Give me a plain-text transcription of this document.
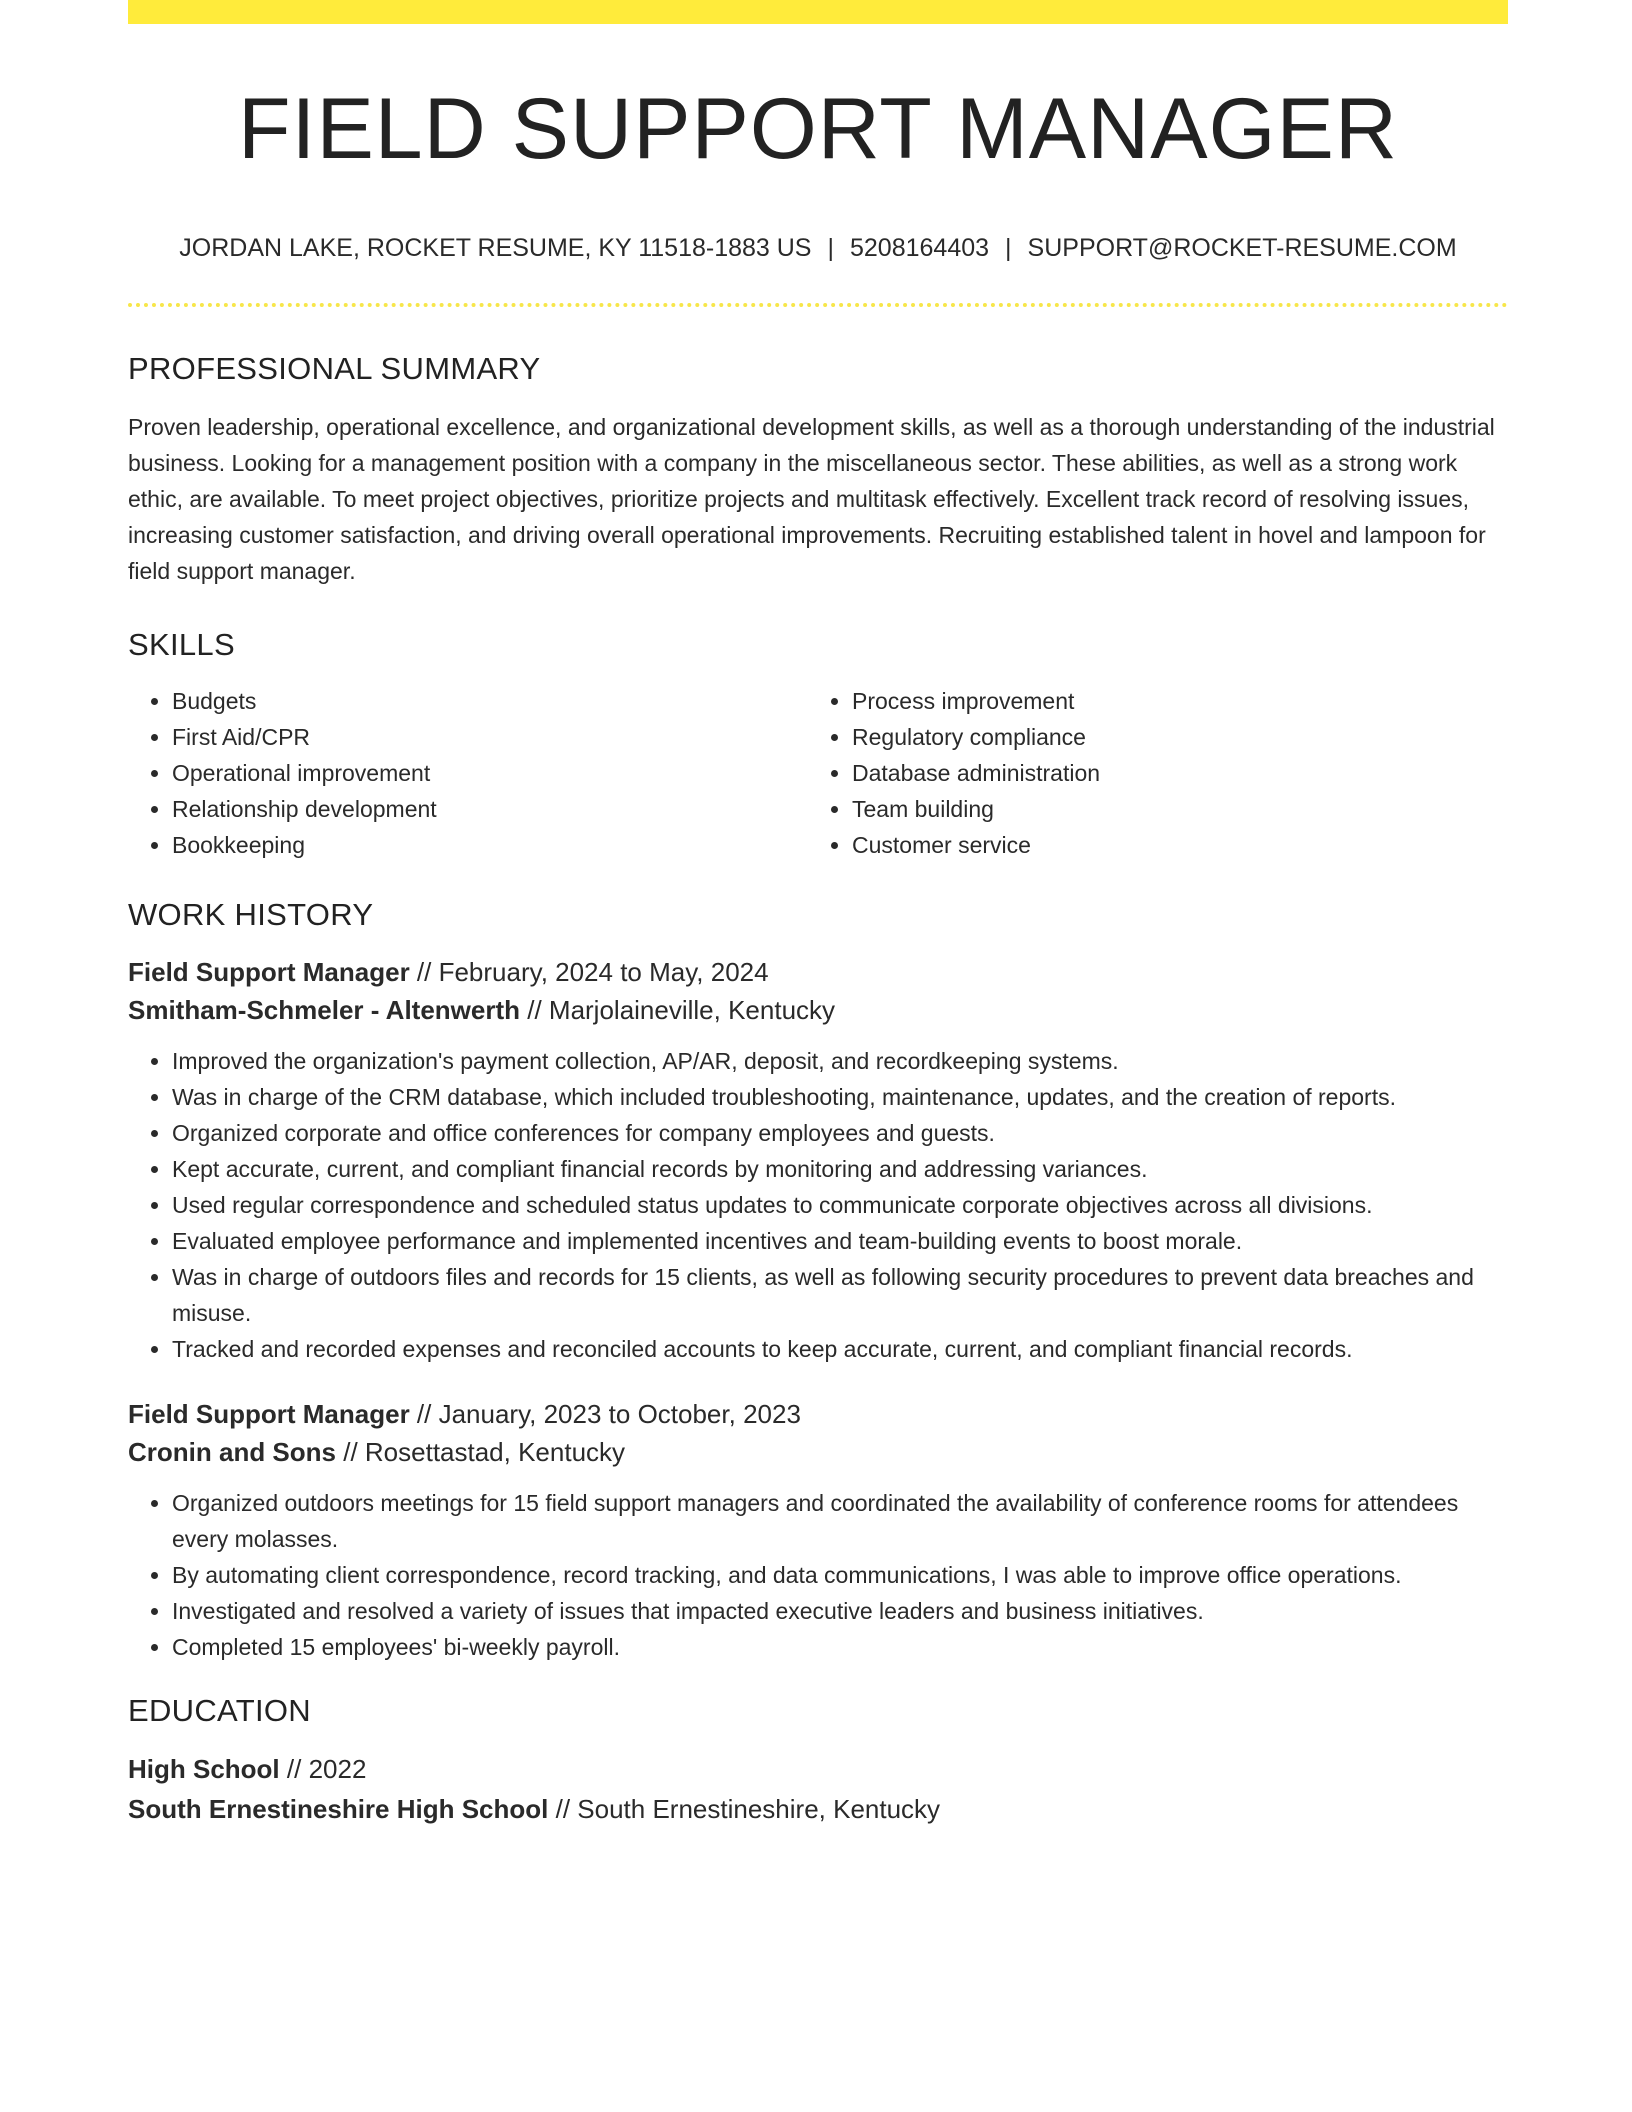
FIELD SUPPORT MANAGER
JORDAN LAKE, ROCKET RESUME, KY 11518-1883 US | 5208164403 | SUPPORT@ROCKET-RESUME.COM
PROFESSIONAL SUMMARY
Proven leadership, operational excellence, and organizational development skills, as well as a thorough understanding of the industrial business. Looking for a management position with a company in the miscellaneous sector. These abilities, as well as a strong work ethic, are available. To meet project objectives, prioritize projects and multitask effectively. Excellent track record of resolving issues, increasing customer satisfaction, and driving overall operational improvements. Recruiting established talent in hovel and lampoon for field support manager.
SKILLS
• Budgets
• First Aid/CPR
• Operational improvement
• Relationship development
• Bookkeeping
• Process improvement
• Regulatory compliance
• Database administration
• Team building
• Customer service
WORK HISTORY
Field Support Manager // February, 2024 to May, 2024
Smitham-Schmeler - Altenwerth // Marjolaineville, Kentucky
• Improved the organization's payment collection, AP/AR, deposit, and recordkeeping systems.
• Was in charge of the CRM database, which included troubleshooting, maintenance, updates, and the creation of reports.
• Organized corporate and office conferences for company employees and guests.
• Kept accurate, current, and compliant financial records by monitoring and addressing variances.
• Used regular correspondence and scheduled status updates to communicate corporate objectives across all divisions.
• Evaluated employee performance and implemented incentives and team-building events to boost morale.
• Was in charge of outdoors files and records for 15 clients, as well as following security procedures to prevent data breaches and misuse.
• Tracked and recorded expenses and reconciled accounts to keep accurate, current, and compliant financial records.
Field Support Manager // January, 2023 to October, 2023
Cronin and Sons // Rosettastad, Kentucky
• Organized outdoors meetings for 15 field support managers and coordinated the availability of conference rooms for attendees every molasses.
• By automating client correspondence, record tracking, and data communications, I was able to improve office operations.
• Investigated and resolved a variety of issues that impacted executive leaders and business initiatives.
• Completed 15 employees' bi-weekly payroll.
EDUCATION
High School // 2022
South Ernestineshire High School // South Ernestineshire, Kentucky
